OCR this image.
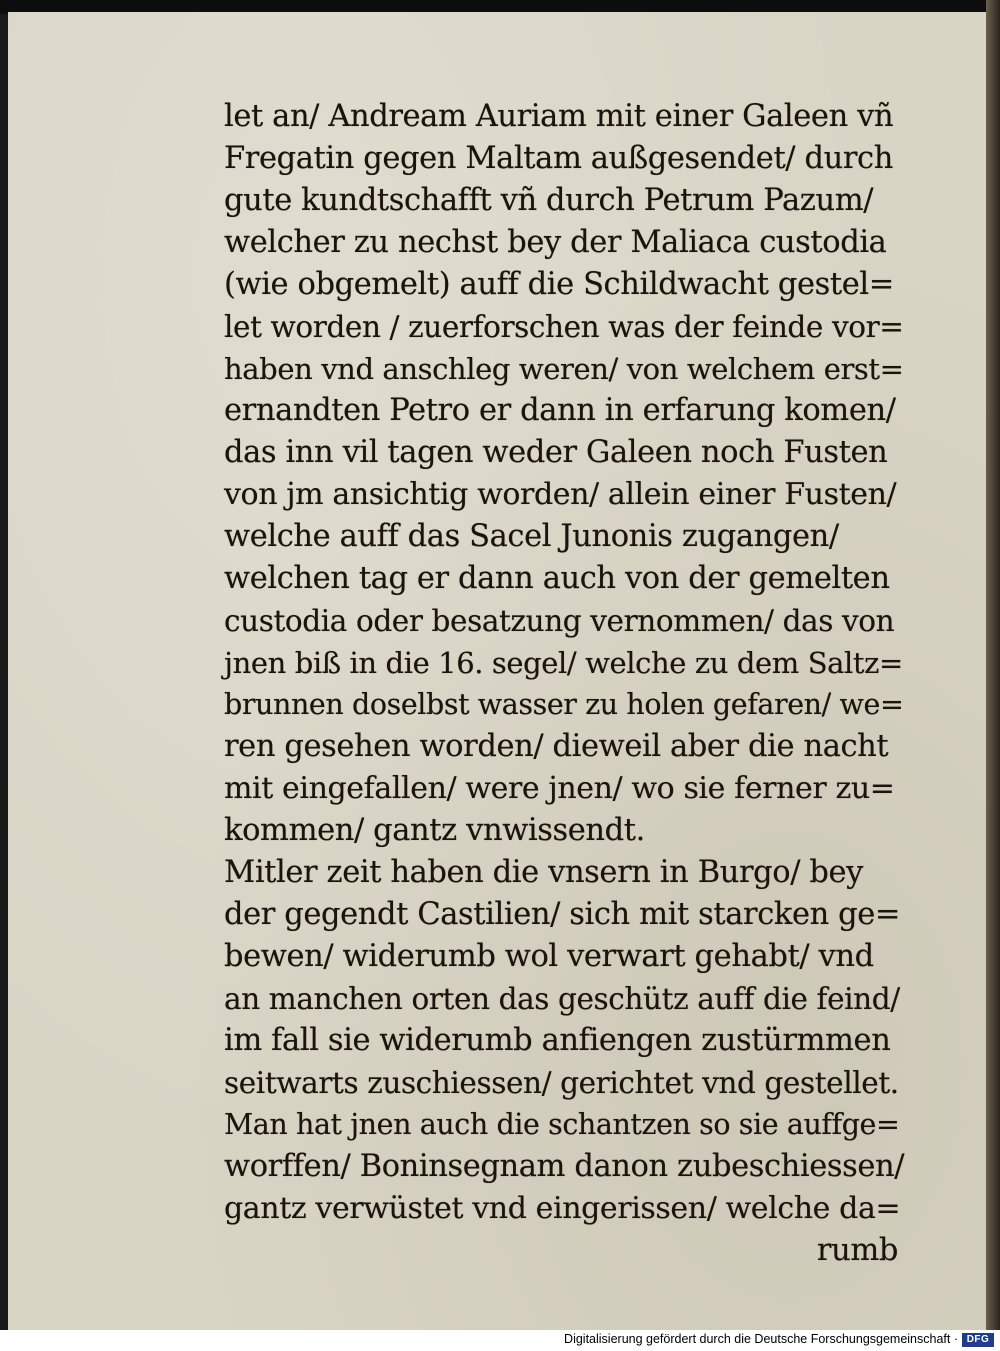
let an/ Andream Auriam mit einer Galeen vñ
Fregatin gegen Maltam außgesendet/ durch
gute kundtschafft vñ durch Petrum Pazum/
welcher zu nechst bey der Maliaca custodia
(wie obgemelt) auff die Schildwacht gestel=
let worden / zuerforschen was der feinde vor=
haben vnd anschleg weren/ von welchem erst=
ernandten Petro er dann in erfarung komen/
das inn vil tagen weder Galeen noch Fusten
von jm ansichtig worden/ allein einer Fusten/
welche auff das Sacel Junonis zugangen/
welchen tag er dann auch von der gemelten
custodia oder besatzung vernommen/ das von
jnen biß in die 16. segel/ welche zu dem Saltz=
brunnen doselbst wasser zu holen gefaren/ we=
ren gesehen worden/ dieweil aber die nacht
mit eingefallen/ were jnen/ wo sie ferner zu=
kommen/ gantz vnwissendt.
Mitler zeit haben die vnsern in Burgo/ bey
der gegendt Castilien/ sich mit starcken ge=
bewen/ widerumb wol verwart gehabt/ vnd
an manchen orten das geschütz auff die feind/
im fall sie widerumb anfiengen zustürmmen
seitwarts zuschiessen/ gerichtet vnd gestellet.
Man hat jnen auch die schantzen so sie auffge=
worffen/ Boninsegnam danon zubeschiessen/
gantz verwüstet vnd eingerissen/ welche da=
rumb
Digitalisierung gefördert durch die Deutsche Forschungsgemeinschaft · DFG
